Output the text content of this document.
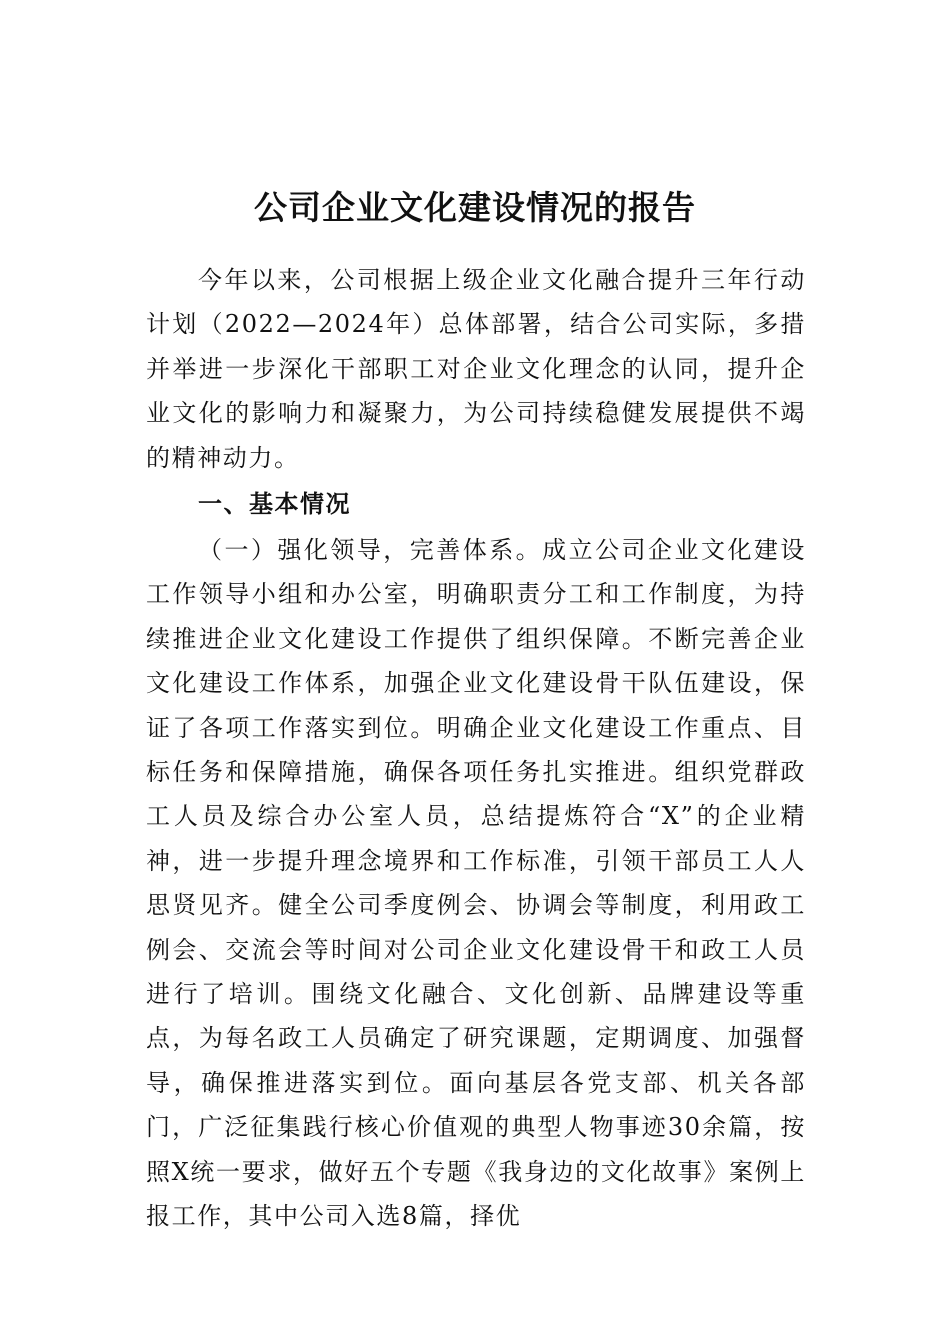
公司企业文化建设情况的报告

今年以来，公司根据上级企业文化融合提升三年行动计划（2022—2024年）总体部署，结合公司实际，多措并举进一步深化干部职工对企业文化理念的认同，提升企业文化的影响力和凝聚力，为公司持续稳健发展提供不竭的精神动力。

一、基本情况

（一）强化领导，完善体系。成立公司企业文化建设工作领导小组和办公室，明确职责分工和工作制度，为持续推进企业文化建设工作提供了组织保障。不断完善企业文化建设工作体系，加强企业文化建设骨干队伍建设，保证了各项工作落实到位。明确企业文化建设工作重点、目标任务和保障措施，确保各项任务扎实推进。组织党群政工人员及综合办公室人员，总结提炼符合“X”的企业精神，进一步提升理念境界和工作标准，引领干部员工人人思贤见齐。健全公司季度例会、协调会等制度，利用政工例会、交流会等时间对公司企业文化建设骨干和政工人员进行了培训。围绕文化融合、文化创新、品牌建设等重点，为每名政工人员确定了研究课题，定期调度、加强督导，确保推进落实到位。面向基层各党支部、机关各部门，广泛征集践行核心价值观的典型人物事迹30余篇，按照X统一要求，做好五个专题《我身边的文化故事》案例上报工作，其中公司入选8篇，择优
